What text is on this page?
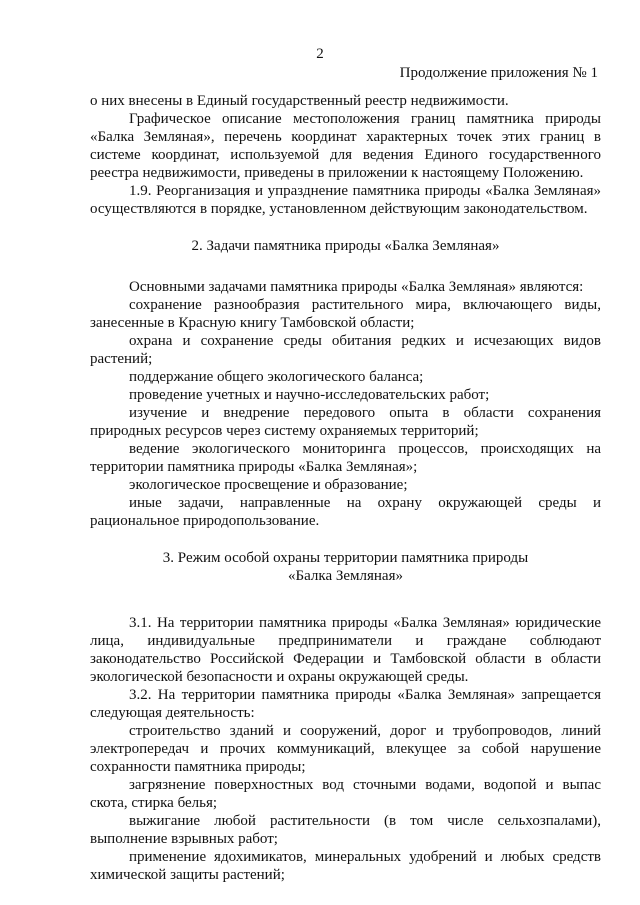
2
Продолжение приложения № 1

о них внесены в Единый государственный реестр недвижимости.

Графическое описание местоположения границ памятника природы «Балка Земляная», перечень координат характерных точек этих границ в системе координат, используемой для ведения Единого государственного реестра недвижимости, приведены в приложении к настоящему Положению.

1.9. Реорганизация и упразднение памятника природы «Балка Земляная» осуществляются в порядке, установленном действующим законодательством.

2. Задачи памятника природы «Балка Земляная»

Основными задачами памятника природы «Балка Земляная» являются:

сохранение разнообразия растительного мира, включающего виды, занесенные в Красную книгу Тамбовской области;

охрана и сохранение среды обитания редких и исчезающих видов растений;

поддержание общего экологического баланса;

проведение учетных и научно-исследовательских работ;

изучение и внедрение передового опыта в области сохранения природных ресурсов через систему охраняемых территорий;

ведение экологического мониторинга процессов, происходящих на территории памятника природы «Балка Земляная»;

экологическое просвещение и образование;

иные задачи, направленные на охрану окружающей среды и рациональное природопользование.

3. Режим особой охраны территории памятника природы

«Балка Земляная»

3.1. На территории памятника природы «Балка Земляная» юридические лица, индивидуальные предприниматели и граждане соблюдают законодательство Российской Федерации и Тамбовской области в области экологической безопасности и охраны окружающей среды.

3.2. На территории памятника природы «Балка Земляная» запрещается следующая деятельность:

строительство зданий и сооружений, дорог и трубопроводов, линий электропередач и прочих коммуникаций, влекущее за собой нарушение сохранности памятника природы;

загрязнение поверхностных вод сточными водами, водопой и выпас скота, стирка белья;

выжигание любой растительности (в том числе сельхозпалами), выполнение взрывных работ;

применение ядохимикатов, минеральных удобрений и любых средств химической защиты растений;
